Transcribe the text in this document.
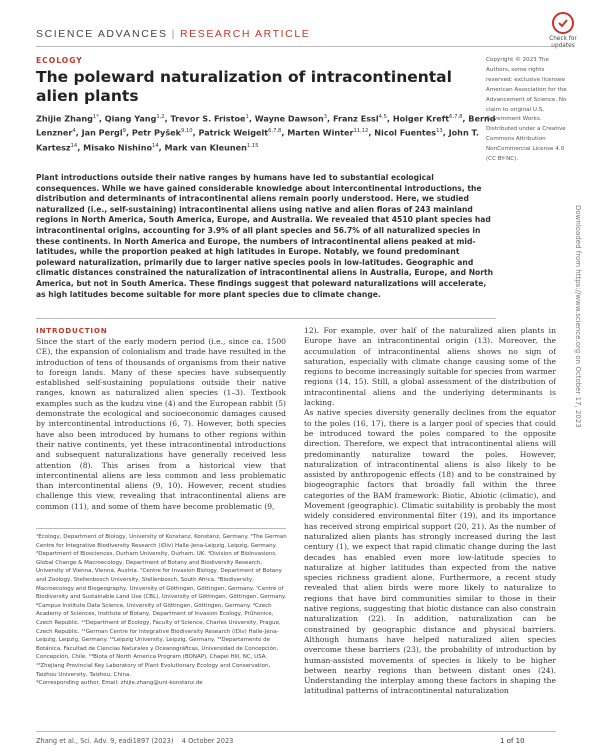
SCIENCE ADVANCES | RESEARCH ARTICLE	Check for updates
ECOLOGY
The poleward naturalization of intracontinental alien plants
Zhijie Zhang$^{1*}$, Qiang Yang$^{1,2}$, Trevor S. Fristoe$^1$, Wayne Dawson$^3$, Franz Essl$^{4,5}$, Holger Kreft$^{6,7,8}$, Bernd Lenzner$^4$, Jan Pergl$^9$, Petr Pyšek$^{9,10}$, Patrick Weigelt$^{6,7,8}$, Marten Winter$^{11,12}$, Nicol Fuentes$^{13}$, John T. Kartesz$^{14}$, Misako Nishino$^{14}$, Mark van Kleunen$^{1,15}$
Copyright © 2023 The Authors, some rights reserved; exclusive licensee American Association for the Advancement of Science. No claim to original U.S. Government Works. Distributed under a Creative Commons Attribution NonCommercial License 4.0 (CC BY-NC).
Plant introductions outside their native ranges by humans have led to substantial ecological consequences. While we have gained considerable knowledge about intercontinental introductions, the distribution and determinants of intracontinental aliens remain poorly understood. Here, we studied naturalized (i.e., self-sustaining) intracontinental aliens using native and alien floras of 243 mainland regions in North America, South America, Europe, and Australia. We revealed that 4510 plant species had intracontinental origins, accounting for 3.9% of all plant species and 56.7% of all naturalized species in these continents. In North America and Europe, the numbers of intracontinental aliens peaked at mid-latitudes, while the proportion peaked at high latitudes in Europe. Notably, we found predominant poleward naturalization, primarily due to larger native species pools in low-latitudes. Geographic and climatic distances constrained the naturalization of intracontinental aliens in Australia, Europe, and North America, but not in South America. These findings suggest that poleward naturalizations will accelerate, as high latitudes become suitable for more plant species due to climate change.	Downloaded from https://www.science.org on October 17, 2023
INTRODUCTION
Since the start of the early modern period (i.e., since ca. 1500 CE), the expansion of colonialism and trade have resulted in the introduction of tens of thousands of organisms from their native to foreign lands. Many of these species have subsequently established self-sustaining populations outside their native ranges, known as naturalized alien species (1–3). Textbook examples such as the kudzu vine (4) and the European rabbit (5) demonstrate the ecological and socioeconomic damages caused by intercontinental introductions (6, 7). However, both species have also been introduced by humans to other regions within their native continents, yet these intracontinental introductions and subsequent naturalizations have generally received less attention (8). This arises from a historical view that intercontinental aliens are less common and less problematic than intercontinental aliens (9, 10). However, recent studies challenge this view, revealing that intracontinental aliens are common (11), and some of them have become problematic (9,
12). For example, over half of the naturalized alien plants in Europe have an intracontinental origin (13). Moreover, the accumulation of intracontinental aliens shows no sign of saturation, especially with climate change causing some of the regions to become increasingly suitable for species from warmer regions (14, 15). Still, a global assessment of the distribution of intracontinental aliens and the underlying determinants is lacking.
As native species diversity generally declines from the equator to the poles (16, 17), there is a larger pool of species that could be introduced toward the poles compared to the opposite direction. Therefore, we expect that intracontinental aliens will predominantly naturalize toward the poles. However, naturalization of intracontinental aliens is also likely to be assisted by anthropogenic effects (18) and to be constrained by biogeographic factors that broadly fall within the three categories of the BAM framework: Biotic, Abiotic (climatic), and Movement (geographic). Climatic suitability is probably the most widely considered environmental filter (19), and its importance has received strong empirical support (20, 21). As the number of naturalized alien plants has strongly increased during the last century (1), we expect that rapid climatic change during the last decades has enabled even more low-latitude species to naturalize at higher latitudes than expected from the native species richness gradient alone. Furthermore, a recent study revealed that alien birds were more likely to naturalize to regions that have bird communities similar to those in their native regions, suggesting that biotic distance can also constrain naturalization (22). In addition, naturalization can be constrained by geographic distance and physical barriers. Although humans have helped naturalized alien species overcome these barriers (23), the probability of introduction by human-assisted movements of species is likely to be higher between nearby regions than between distant ones (24). Understanding the interplay among these factors in shaping the latitudinal patterns of intracontinental naturalization
¹Ecology, Department of Biology, University of Konstanz, Konstanz, Germany. ²The German Centre for Integrative Biodiversity Research (iDiv) Halle-Jena-Leipzig, Leipzig, Germany. ³Department of Biosciences, Durham University, Durham, UK. ⁴Division of BioInvasions, Global Change & Macroecology, Department of Botany and Biodiversity Research, University of Vienna, Vienna, Austria. ⁵Centre for Invasion Biology, Department of Botany and Zoology, Stellenbosch University, Stellenbosch, South Africa. ⁶Biodiversity, Macroecology and Biogeography, University of Göttingen, Göttingen, Germany. ⁷Centre of Biodiversity and Sustainable Land Use (CBL), University of Göttingen, Göttingen, Germany. ⁸Campus Institute Data Science, University of Göttingen, Göttingen, Germany. ⁹Czech Academy of Sciences, Institute of Botany, Department of Invasion Ecology, Průhonice, Czech Republic. ¹⁰Department of Ecology, Faculty of Science, Charles University, Prague, Czech Republic. ¹¹German Centre for Integrative Biodiversity Research (iDiv) Halle-Jena-Leipzig, Leipzig, Germany. ¹²Leipzig University, Leipzig, Germany. ¹³Departamento de Botánica, Facultad de Ciencias Naturales y Oceanográficas, Universidad de Concepción, Concepción, Chile. ¹⁴Biota of North America Program (BONAP), Chapel Hill, NC, USA. ¹⁵Zhejiang Provincial Key Laboratory of Plant Evolutionary Ecology and Conservation, Taizhou University, Taizhou, China.
*Corresponding author. Email: zhijie.zhang@uni-konstanz.de
Zhang et al., Sci. Adv. 9, eadi1897 (2023)    4 October 2023	1 of 10
